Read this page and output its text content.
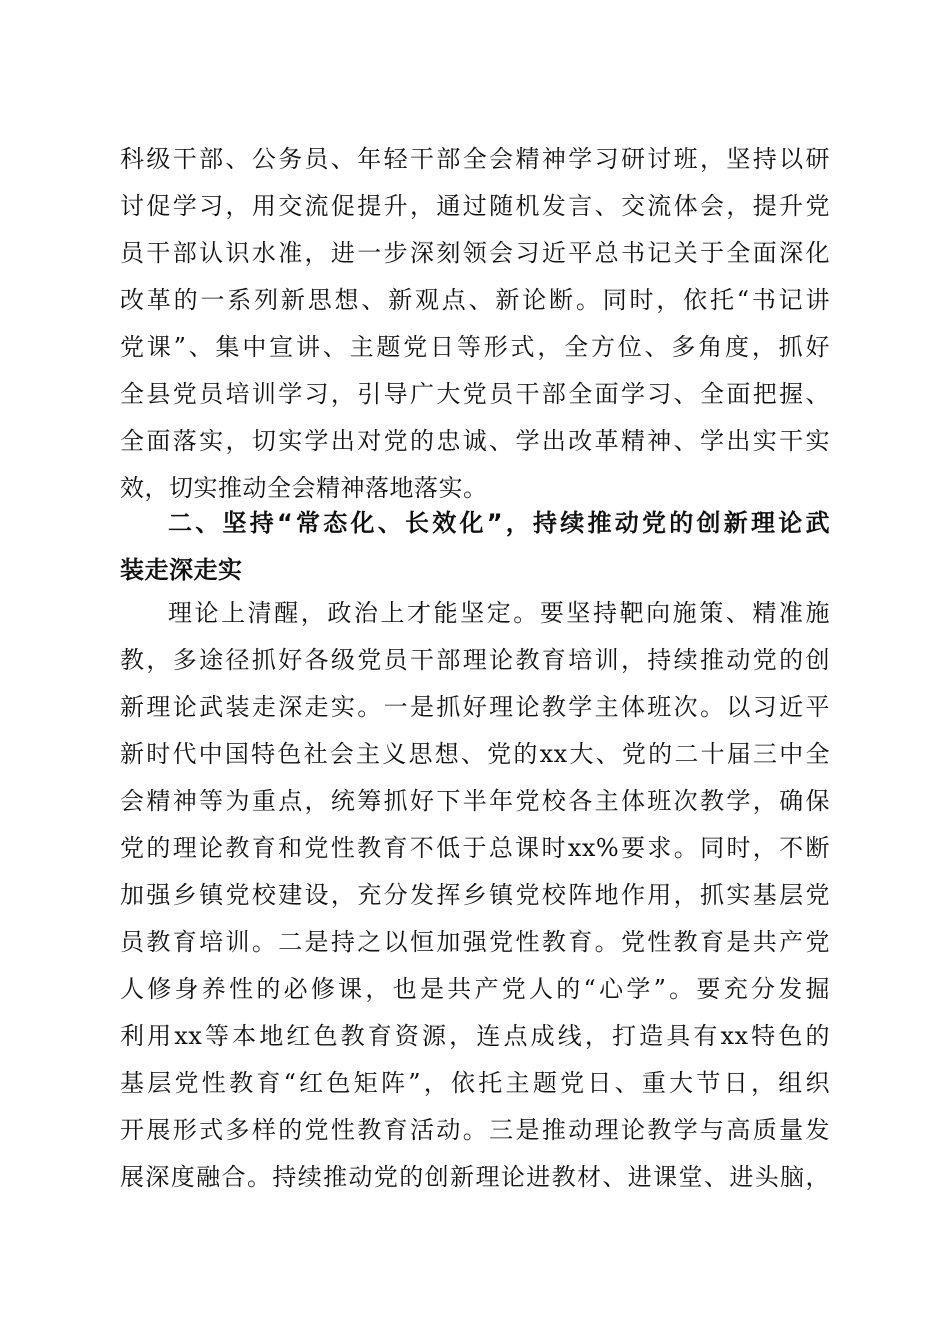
科级干部、公务员、年轻干部全会精神学习研讨班，坚持以研
讨促学习，用交流促提升，通过随机发言、交流体会，提升党
员干部认识水准，进一步深刻领会习近平总书记关于全面深化
改革的一系列新思想、新观点、新论断。同时，依托“书记讲
党课”、集中宣讲、主题党日等形式，全方位、多角度，抓好
全县党员培训学习，引导广大党员干部全面学习、全面把握、
全面落实，切实学出对党的忠诚、学出改革精神、学出实干实
效，切实推动全会精神落地落实。
二、坚持“常态化、长效化”，持续推动党的创新理论武
装走深走实
理论上清醒，政治上才能坚定。要坚持靶向施策、精准施
教，多途径抓好各级党员干部理论教育培训，持续推动党的创
新理论武装走深走实。一是抓好理论教学主体班次。以习近平
新时代中国特色社会主义思想、党的xx大、党的二十届三中全
会精神等为重点，统筹抓好下半年党校各主体班次教学，确保
党的理论教育和党性教育不低于总课时xx%要求。同时，不断
加强乡镇党校建设，充分发挥乡镇党校阵地作用，抓实基层党
员教育培训。二是持之以恒加强党性教育。党性教育是共产党
人修身养性的必修课，也是共产党人的“心学”。要充分发掘
利用xx等本地红色教育资源，连点成线，打造具有xx特色的
基层党性教育“红色矩阵”，依托主题党日、重大节日，组织
开展形式多样的党性教育活动。三是推动理论教学与高质量发
展深度融合。持续推动党的创新理论进教材、进课堂、进头脑，
